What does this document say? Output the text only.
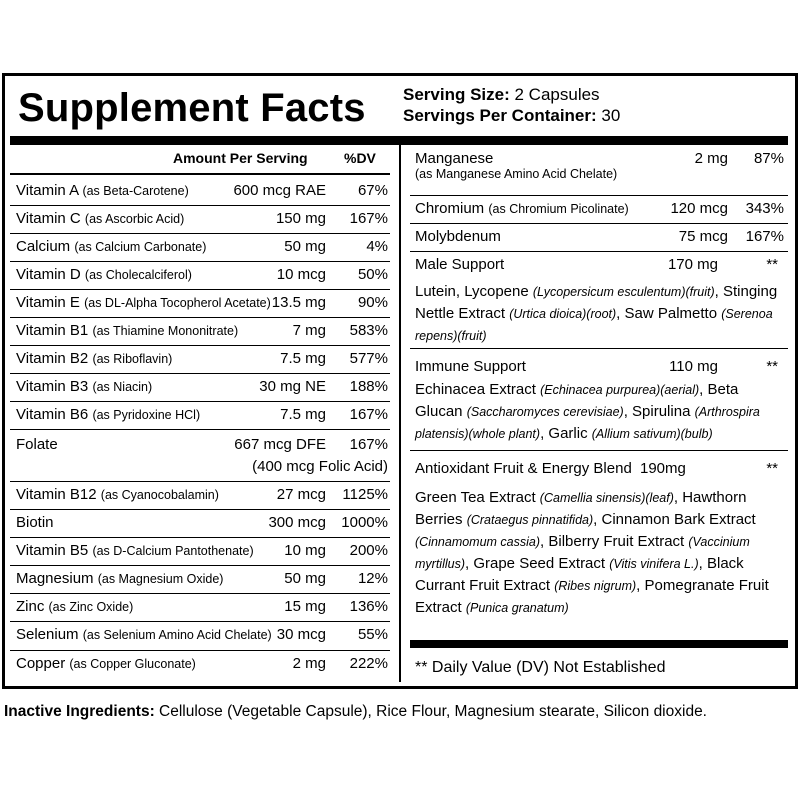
Supplement Facts Serving Size: 2 Capsules
Servings Per Container: 30
Amount Per Serving	%DV
Vitamin A (as Beta-Carotene)	600 mcg RAE 67%
Vitamin C (as Ascorbic Acid)	150 mg 167%
Calcium (as Calcium Carbonate)	50 mg	4%
Vitamin D (as Cholecalciferol)	10 mcg 50%
Vitamin E (as DL-Alpha Tocopherol Acetate) 13.5 mg 90%
Vitamin B1 (as Thiamine Mononitrate)	7 mg 583%
Vitamin B2 (as Riboflavin)	7.5 mg 577%
Vitamin B3 (as Niacin)	30 mg NE 188%
Vitamin B6 (as Pyridoxine HCl)	7.5 mg 167%
Folate	667 mcg DFE 167%
(400 mcg Folic Acid)
Vitamin B12 (as Cyanocobalamin)	27 mcg 1125%
Biotin	300 mcg 1000%
Vitamin B5 (as D-Calcium Pantothenate) 10 mg 200%
Magnesium (as Magnesium Oxide)	50 mg 12%
Zinc (as Zinc Oxide)	15 mg 136%
Selenium (as Selenium Amino Acid Chelate) 30 mcg 55%
Copper (as Copper Gluconate)	2 mg 222%
Manganese
(as Manganese Amino Acid Chelate)
2 mg 87%
Chromium (as Chromium Picolinate)	120 mcg 343%
Molybdenum	75 mcg 167%
Male Support	170 mg	**
Lutein, Lycopene (Lycopersicum esculentum)(fruit), Stinging Nettle Extract (Urtica dioica)(root), Saw Palmetto (Serenoa repens)(fruit)
Immune Support	110 mg	**
Echinacea Extract (Echinacea purpurea)(aerial), Beta Glucan (Saccharomyces cerevisiae), Spirulina (Arthrospira platensis)(whole plant), Garlic (Allium sativum)(bulb)
Antioxidant Fruit & Energy Blend 190mg	**
Green Tea Extract (Camellia sinensis)(leaf), Hawthorn Berries (Crataegus pinnatifida), Cinnamon Bark Extract (Cinnamomum cassia), Bilberry Fruit Extract (Vaccinium myrtillus), Grape Seed Extract (Vitis vinifera L.), Black Currant Fruit Extract (Ribes nigrum), Pomegranate Fruit Extract (Punica granatum)
** Daily Value (DV) Not Established
Inactive Ingredients: Cellulose (Vegetable Capsule), Rice Flour, Magnesium stearate, Silicon dioxide.
